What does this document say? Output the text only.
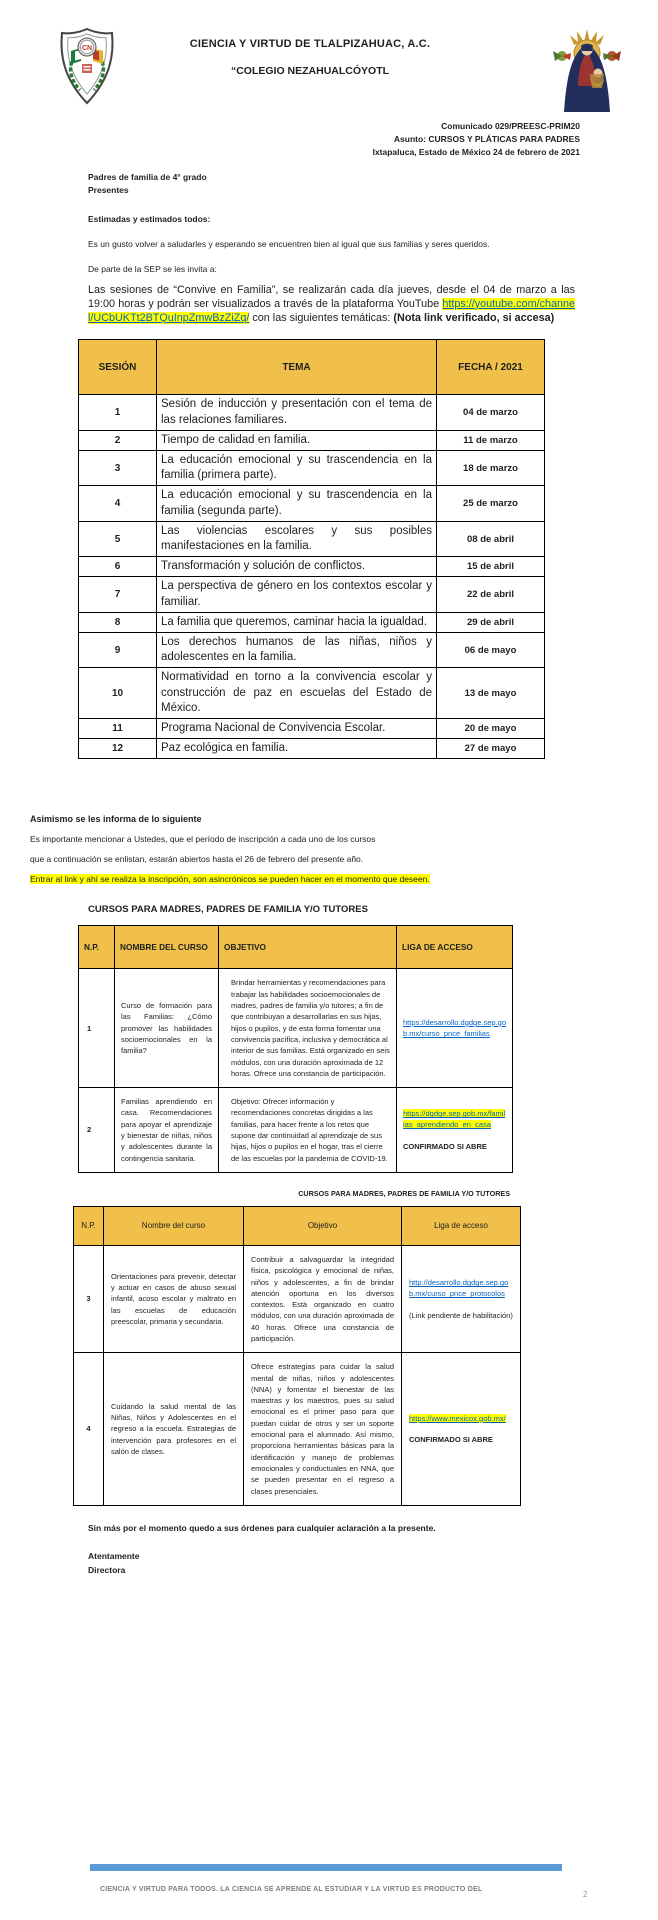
CN	CIENCIA Y VIRTUD DE TLALPIZAHUAC, A.C.
“COLEGIO NEZAHUALCÓYOTL
Comunicado 029/PREESC-PRIM20
Asunto: CURSOS Y PLÁTICAS PARA PADRES
Ixtapaluca, Estado de México 24 de febrero de 2021
Padres de familia de 4° grado
Presentes
Estimadas y estimados todos:
Es un gusto volver a saludarles y esperando se encuentren bien al igual que sus familias y seres queridos.
De parte de la SEP se les invita a:

Las sesiones de “Convive en Familia”, se realizarán cada día jueves, desde el 04 de marzo a las 19:00 horas y podrán ser visualizados a través de la plataforma YouTube https://youtube.com/channel/UCbUKTt2BTQuInpZmwBzZiZq/ con las siguientes temáticas: (Nota link verificado, si accesa)

SESIÓN	TEMA	FECHA / 2021
1	Sesión de inducción y presentación con el tema de las relaciones familiares.	04 de marzo
2	Tiempo de calidad en familia.	11 de marzo
3	La educación emocional y su trascendencia en la familia (primera parte).	18 de marzo
4	La educación emocional y su trascendencia en la familia (segunda parte).	25 de marzo
5	Las violencias escolares y sus posibles manifestaciones en la familia.	08 de abril
6	Transformación y solución de conflictos.	15 de abril
7	La perspectiva de género en los contextos escolar y familiar.	22 de abril
8	La familia que queremos, caminar hacia la igualdad.	29 de abril
9	Los derechos humanos de las niñas, niños y adolescentes en la familia.	06 de mayo
10	Normatividad en torno a la convivencia escolar y construcción de paz en escuelas del Estado de México.	13 de mayo
11	Programa Nacional de Convivencia Escolar.	20 de mayo
12	Paz ecológica en familia.	27 de mayo
Asimismo se les informa de lo siguiente
Es importante mencionar a Ustedes, que el período de inscripción a cada uno de los cursos
que a continuación se enlistan, estarán abiertos hasta el 26 de febrero del presente año.
Entrar al link y ahí se realiza la inscripción, son asincrónicos se pueden hacer en el momento que deseen.
CURSOS PARA MADRES, PADRES DE FAMILIA Y/O TUTORES
N.P.	NOMBRE DEL CURSO	OBJETIVO	LIGA DE ACCESO
1	Curso de formación para las Familias: ¿Cómo promover las habilidades socioemocionales en la familia?	Brindar herramientas y recomendaciones para trabajar las habilidades socioemocionales de madres, padres de familia y/o tutores; a fin de que contribuyan a desarrollarlas en sus hijas, hijos o pupilos, y de esta forma fomentar una convivencia pacífica, inclusiva y democrática al interior de sus familias. Está organizado en seis módulos, con una duración aproximada de 12 horas. Ofrece una constancia de participación.	https://desarrollo.dgdge.sep.gob.mx/curso_pnce_familias
2	Familias aprendiendo en casa. Recomendaciones para apoyar el aprendizaje y bienestar de niñas, niños y adolescentes durante la contingencia sanitaria.	Objetivo: Ofrecer información y recomendaciones concretas dirigidas a las familias, para hacer frente a los retos que supone dar continuidad al aprendizaje de sus hijas, hijos o pupilos en el hogar, tras el cierre de las escuelas por la pandemia de COVID-19.	https://dgdge.sep.gob.mx/familias_aprendiendo_en_casa
CONFIRMADO SI ABRE
CURSOS PARA MADRES, PADRES DE FAMILIA Y/O TUTORES
N.P.	Nombre del curso	Objetivo	Liga de acceso
3	Orientaciones para prevenir, detectar y actuar en casos de abuso sexual infantil, acoso escolar y maltrato en las escuelas de educación preescolar, primaria y secundaria.	Contribuir a salvaguardar la integridad física, psicológica y emocional de niñas, niños y adolescentes, a fin de brindar atención oportuna en los diversos contextos. Está organizado en cuatro módulos, con una duración aproximada de 40 horas. Ofrece una constancia de participación.	http://desarrollo.dgdge.sep.gob.mx/curso_pnce_protocolos
(Link pendiente de habilitación)

4	Cuidando la salud mental de las Niñas, Niños y Adolescentes en el regreso a la escuela. Estrategias de intervención para profesores en el salón de clases.	Ofrece estrategias para cuidar la salud mental de niñas, niños y adolescentes (NNA) y fomentar el bienestar de las maestras y los maestros, pues su salud emocional es el primer paso para que puedan cuidar de otros y ser un soporte emocional para el alumnado. Así mismo, proporciona herramientas básicas para la identificación y manejo de problemas emocionales y conductuales en NNA, que se pueden presentar en el regreso a clases presenciales.	https://www.mexicox.gob.mx/
CONFIRMADO SI ABRE
Sin más por el momento quedo a sus órdenes para cualquier aclaración a la presente.
Atentamente
Directora
CIENCIA Y VIRTUD PARA TODOS. LA CIENCIA SE APRENDE AL ESTUDIAR Y LA VIRTUD ES PRODUCTO DEL
2
